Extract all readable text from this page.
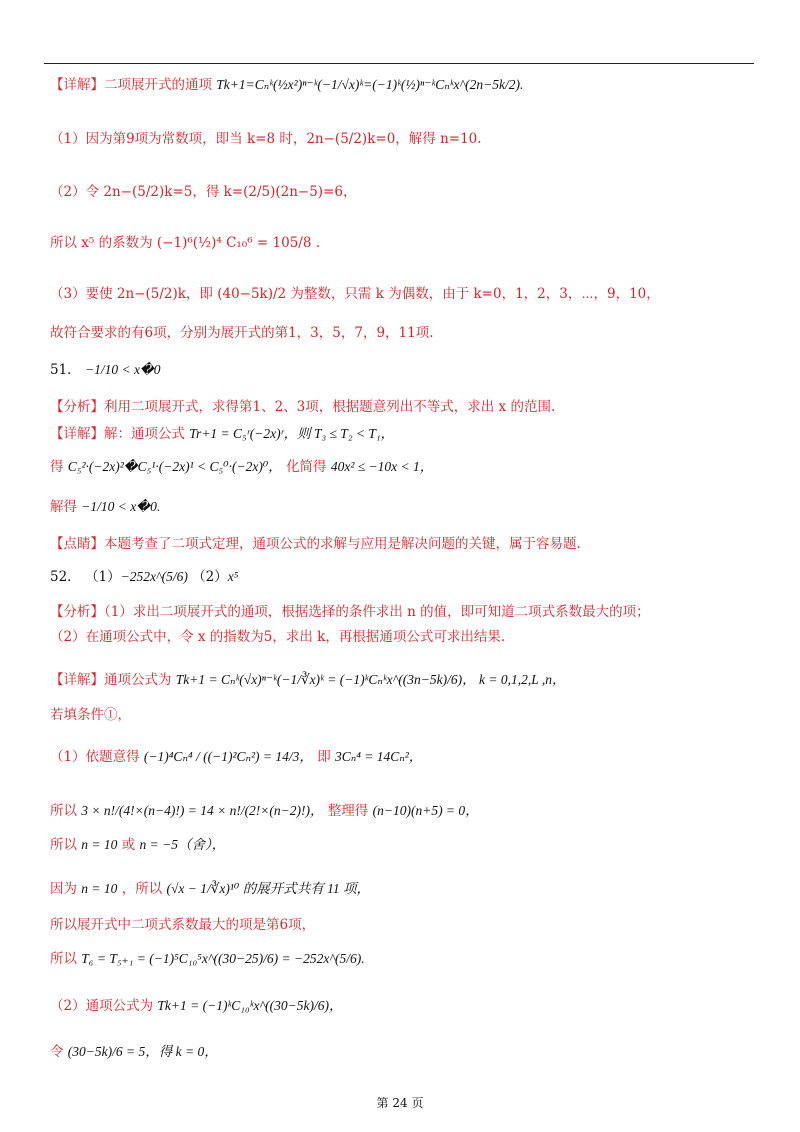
【详解】二项展开式的通项 Tk+1=Cₙᵏ(½x²)ⁿ⁻ᵏ(−1/√x)ᵏ=(−1)ᵏ(½)ⁿ⁻ᵏCₙᵏx^(2n−5k/2).
（1）因为第9项为常数项，即当 k=8 时，2n−(5/2)k=0，解得 n=10.
（2）令 2n−(5/2)k=5，得 k=(2/5)(2n−5)=6，
所以 x⁵ 的系数为 (−1)⁶(½)⁴ C₁₀⁶ = 105/8 .
（3）要使 2n−(5/2)k，即 (40−5k)/2 为整数，只需 k 为偶数，由于 k=0，1，2，3，⋯，9，10，
故符合要求的有6项，分别为展开式的第1，3，5，7，9，11项.
51． −1/10 < x�0
【分析】利用二项展开式，求得第1、2、3项，根据题意列出不等式，求出 x 的范围.
【详解】解：通项公式 Tr+1 = C₅ʳ(−2x)ʳ，则 T₃ ≤ T₂ < T₁，
得 C₅²·(−2x)²�C₅¹·(−2x)¹ < C₅⁰·(−2x)⁰， 化简得 40x² ≤ −10x < 1，
解得 −1/10 < x�0.
【点睛】本题考查了二项式定理，通项公式的求解与应用是解决问题的关键，属于容易题.
52． （1）−252x^(5/6) （2）x⁵
【分析】（1）求出二项展开式的通项，根据选择的条件求出 n 的值，即可知道二项式系数最大的项；
（2）在通项公式中，令 x 的指数为5，求出 k，再根据通项公式可求出结果.
【详解】通项公式为 Tk+1 = Cₙᵏ(√x)ⁿ⁻ᵏ(−1/∛x)ᵏ = (−1)ᵏCₙᵏx^((3n−5k)/6)， k = 0,1,2,L ,n，
若填条件①，
（1）依题意得 (−1)⁴Cₙ⁴ / ((−1)²Cₙ²) = 14/3， 即 3Cₙ⁴ = 14Cₙ²，
所以 3 × n!/(4!×(n−4)!) = 14 × n!/(2!×(n−2)!)， 整理得 (n−10)(n+5) = 0，
所以 n = 10 或 n = −5（舍），
因为 n = 10 ，所以 (√x − 1/∛x)¹⁰ 的展开式共有 11 项，
所以展开式中二项式系数最大的项是第6项，
所以 T₆ = T₅₊₁ = (−1)⁵C₁₀⁵x^((30−25)/6) = −252x^(5/6).
（2）通项公式为 Tk+1 = (−1)ᵏC₁₀ᵏx^((30−5k)/6)，
令 (30−5k)/6 = 5，得 k = 0，
第 24 页
